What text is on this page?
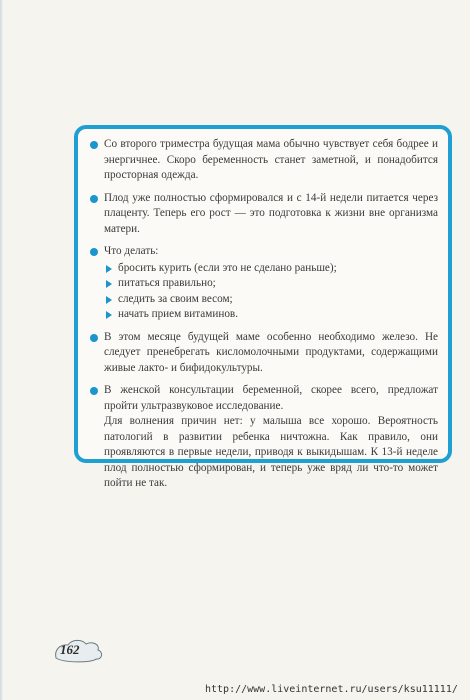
Со второго триместра будущая мама обычно чувствует себя бодрее и энергичнее. Скоро беременность станет заметной, и понадобится просторная одежда.
Плод уже полностью сформировался и с 14-й недели питается через плаценту. Теперь его рост — это подготовка к жизни вне организма матери.
Что делать:
бросить курить (если это не сделано раньше);
питаться правильно;
следить за своим весом;
начать прием витаминов.
В этом месяце будущей маме особенно необходимо железо. Не следует пренебрегать кисломолочными продуктами, содержащими живые лакто- и бифидокультуры.
В женской консультации беременной, скорее всего, предложат пройти ультразвуковое исследование.
Для волнения причин нет: у малыша все хорошо. Вероятность патологий в развитии ребенка ничтожна. Как правило, они проявляются в первые недели, приводя к выкидышам. К 13-й неделе плод полностью сформирован, и теперь уже вряд ли что-то может пойти не так.
162
http://www.liveinternet.ru/users/ksu11111/
